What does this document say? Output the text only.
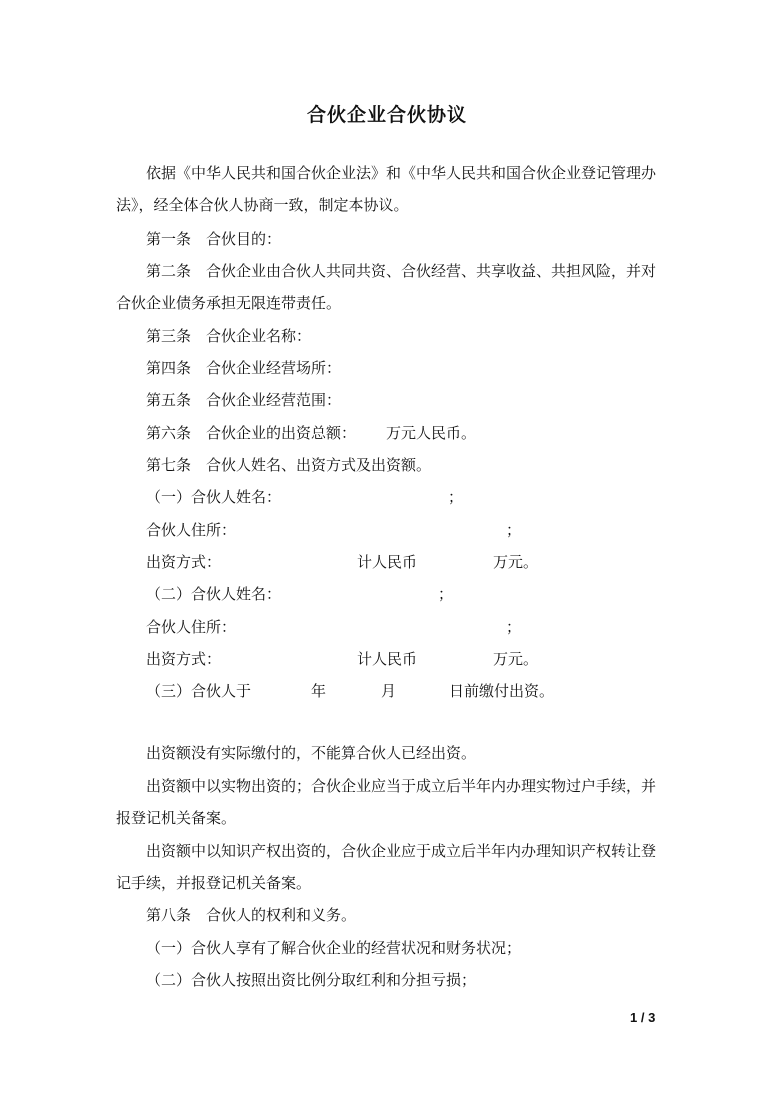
合伙企业合伙协议

依据《中华人民共和国合伙企业法》和《中华人民共和国合伙企业登记管理办

法》，经全体合伙人协商一致，制定本协议。

第一条　合伙目的：

第二条　合伙企业由合伙人共同共资、合伙经营、共享收益、共担风险，并对

合伙企业债务承担无限连带责任。

第三条　合伙企业名称：

第四条　合伙企业经营场所：

第五条　合伙企业经营范围：

第六条　合伙企业的出资总额： 万元人民币。

第七条　合伙人姓名、出资方式及出资额。

（一）合伙人姓名：	；
合伙人住所：	；
出资方式：	计人民币	万元。
（二）合伙人姓名：	；
合伙人住所：	；
出资方式：	计人民币	万元。
（三）合伙人于	年	月	日前缴付出资。

出资额没有实际缴付的，不能算合伙人已经出资。

出资额中以实物出资的；合伙企业应当于成立后半年内办理实物过户手续，并

报登记机关备案。

出资额中以知识产权出资的，合伙企业应于成立后半年内办理知识产权转让登

记手续，并报登记机关备案。

第八条　合伙人的权利和义务。

（一）合伙人享有了解合伙企业的经营状况和财务状况；
（二）合伙人按照出资比例分取红利和分担亏损；
1 / 3
